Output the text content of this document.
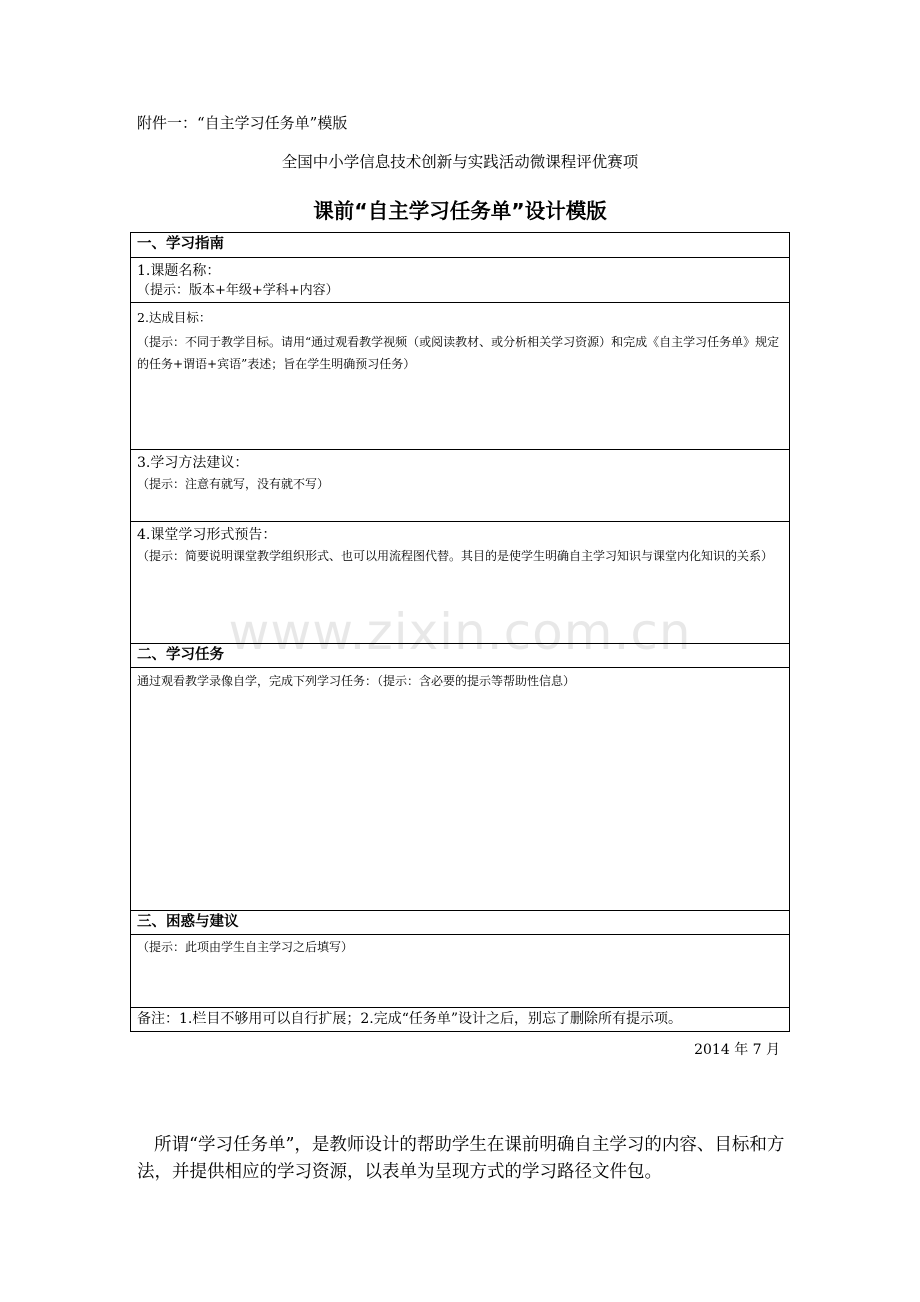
附件一：“自主学习任务单”模版
全国中小学信息技术创新与实践活动微课程评优赛项
课前“自主学习任务单”设计模版
一、学习指南

1.课题名称：
（提示：版本+年级+学科+内容）

2.达成目标：
（提示：不同于教学目标。请用“通过观看教学视频（或阅读教材、或分析相关学习资源）和完成《自主学习任务单》规定的任务+谓语+宾语”表述；旨在学生明确预习任务）

3.学习方法建议：
（提示：注意有就写，没有就不写）

4.课堂学习形式预告：
（提示：简要说明课堂教学组织形式、也可以用流程图代替。其目的是使学生明确自主学习知识与课堂内化知识的关系）

二、学习任务

通过观看教学录像自学，完成下列学习任务：（提示：含必要的提示等帮助性信息）

三、困惑与建议

（提示：此项由学生自主学习之后填写）

备注：1.栏目不够用可以自行扩展；2.完成“任务单”设计之后，别忘了删除所有提示项。
2014 年 7 月
所谓“学习任务单”，是教师设计的帮助学生在课前明确自主学习的内容、目标和方法，并提供相应的学习资源，以表单为呈现方式的学习路径文件包。
www.zixin.com.cn
